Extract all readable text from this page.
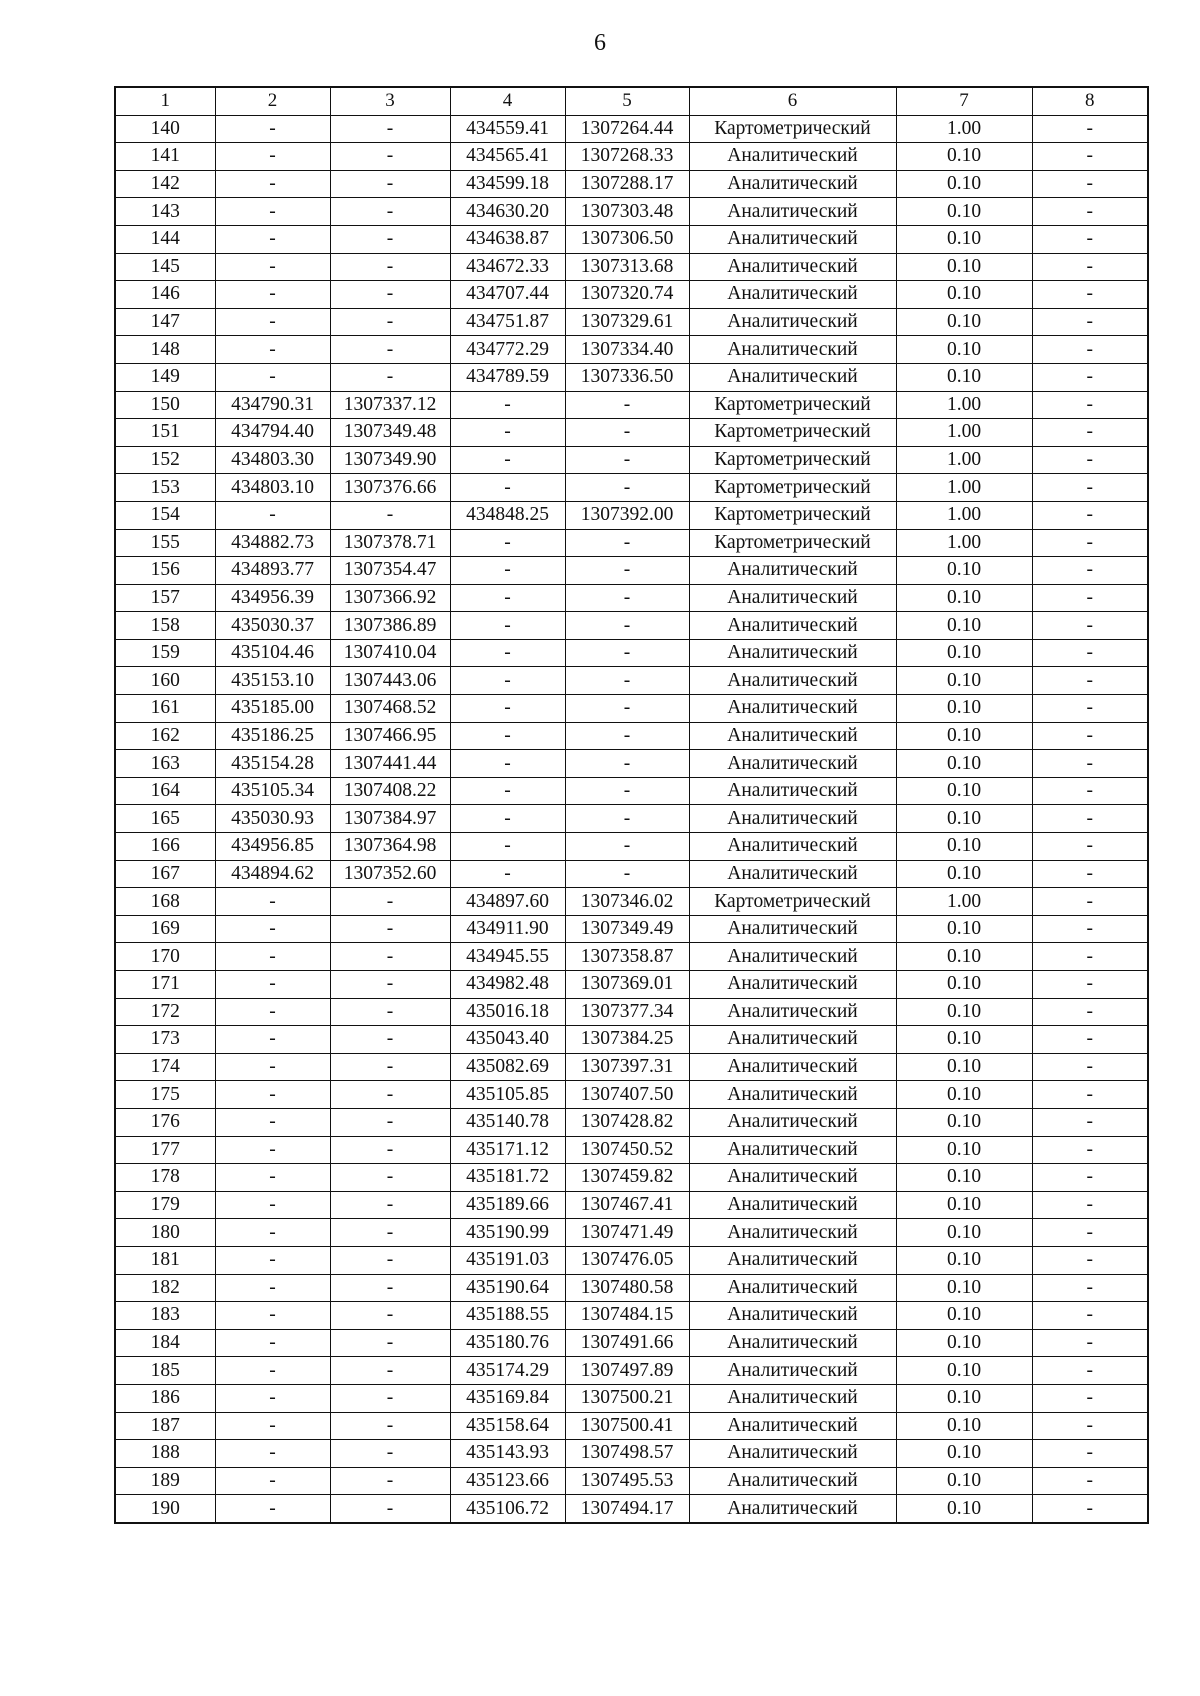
6
1	2	3	4	5	6	7	8
140	-	-	434559.41	1307264.44	Картометрический	1.00	-
141	-	-	434565.41	1307268.33	Аналитический	0.10	-
142	-	-	434599.18	1307288.17	Аналитический	0.10	-
143	-	-	434630.20	1307303.48	Аналитический	0.10	-
144	-	-	434638.87	1307306.50	Аналитический	0.10	-
145	-	-	434672.33	1307313.68	Аналитический	0.10	-
146	-	-	434707.44	1307320.74	Аналитический	0.10	-
147	-	-	434751.87	1307329.61	Аналитический	0.10	-
148	-	-	434772.29	1307334.40	Аналитический	0.10	-
149	-	-	434789.59	1307336.50	Аналитический	0.10	-
150	434790.31	1307337.12	-	-	Картометрический	1.00	-
151	434794.40	1307349.48	-	-	Картометрический	1.00	-
152	434803.30	1307349.90	-	-	Картометрический	1.00	-
153	434803.10	1307376.66	-	-	Картометрический	1.00	-
154	-	-	434848.25	1307392.00	Картометрический	1.00	-
155	434882.73	1307378.71	-	-	Картометрический	1.00	-
156	434893.77	1307354.47	-	-	Аналитический	0.10	-
157	434956.39	1307366.92	-	-	Аналитический	0.10	-
158	435030.37	1307386.89	-	-	Аналитический	0.10	-
159	435104.46	1307410.04	-	-	Аналитический	0.10	-
160	435153.10	1307443.06	-	-	Аналитический	0.10	-
161	435185.00	1307468.52	-	-	Аналитический	0.10	-
162	435186.25	1307466.95	-	-	Аналитический	0.10	-
163	435154.28	1307441.44	-	-	Аналитический	0.10	-
164	435105.34	1307408.22	-	-	Аналитический	0.10	-
165	435030.93	1307384.97	-	-	Аналитический	0.10	-
166	434956.85	1307364.98	-	-	Аналитический	0.10	-
167	434894.62	1307352.60	-	-	Аналитический	0.10	-
168	-	-	434897.60	1307346.02	Картометрический	1.00	-
169	-	-	434911.90	1307349.49	Аналитический	0.10	-
170	-	-	434945.55	1307358.87	Аналитический	0.10	-
171	-	-	434982.48	1307369.01	Аналитический	0.10	-
172	-	-	435016.18	1307377.34	Аналитический	0.10	-
173	-	-	435043.40	1307384.25	Аналитический	0.10	-
174	-	-	435082.69	1307397.31	Аналитический	0.10	-
175	-	-	435105.85	1307407.50	Аналитический	0.10	-
176	-	-	435140.78	1307428.82	Аналитический	0.10	-
177	-	-	435171.12	1307450.52	Аналитический	0.10	-
178	-	-	435181.72	1307459.82	Аналитический	0.10	-
179	-	-	435189.66	1307467.41	Аналитический	0.10	-
180	-	-	435190.99	1307471.49	Аналитический	0.10	-
181	-	-	435191.03	1307476.05	Аналитический	0.10	-
182	-	-	435190.64	1307480.58	Аналитический	0.10	-
183	-	-	435188.55	1307484.15	Аналитический	0.10	-
184	-	-	435180.76	1307491.66	Аналитический	0.10	-
185	-	-	435174.29	1307497.89	Аналитический	0.10	-
186	-	-	435169.84	1307500.21	Аналитический	0.10	-
187	-	-	435158.64	1307500.41	Аналитический	0.10	-
188	-	-	435143.93	1307498.57	Аналитический	0.10	-
189	-	-	435123.66	1307495.53	Аналитический	0.10	-
190	-	-	435106.72	1307494.17	Аналитический	0.10	-
